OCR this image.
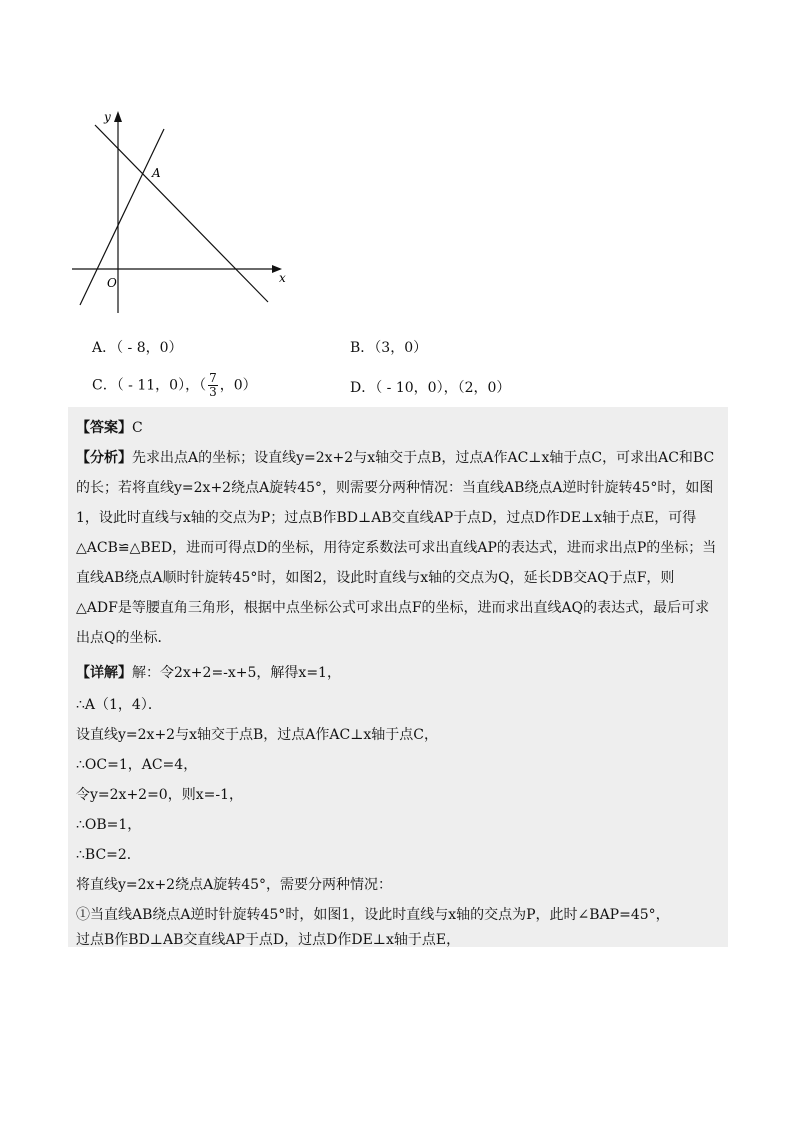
y
x
O
A
A．（ - 8，0）	B．（3，0）
C．（ - 11，0），（ $\frac{7}{3}$ ，0）	D．（ - 10，0），（2，0）
【答案】C
【分析】先求出点A的坐标；设直线y=2x+2与x轴交于点B，过点A作AC⊥x轴于点C，可求出AC和BC
的长；若将直线y=2x+2绕点A旋转45°，则需要分两种情况：当直线AB绕点A逆时针旋转45°时，如图
1，设此时直线与x轴的交点为P；过点B作BD⊥AB交直线AP于点D，过点D作DE⊥x轴于点E，可得
△ACB≌△BED，进而可得点D的坐标，用待定系数法可求出直线AP的表达式，进而求出点P的坐标；当
直线AB绕点A顺时针旋转45°时，如图2，设此时直线与x轴的交点为Q，延长DB交AQ于点F，则
△ADF是等腰直角三角形，根据中点坐标公式可求出点F的坐标，进而求出直线AQ的表达式，最后可求
出点Q的坐标．
【详解】解：令2x+2=-x+5，解得x=1，
∴A（1，4）．
设直线y=2x+2与x轴交于点B，过点A作AC⊥x轴于点C，
∴OC=1，AC=4，
令y=2x+2=0，则x=-1，
∴OB=1，
∴BC=2．
将直线y=2x+2绕点A旋转45°，需要分两种情况：
①当直线AB绕点A逆时针旋转45°时，如图1，设此时直线与x轴的交点为P，此时∠BAP=45°，
过点B作BD⊥AB交直线AP于点D，过点D作DE⊥x轴于点E，
